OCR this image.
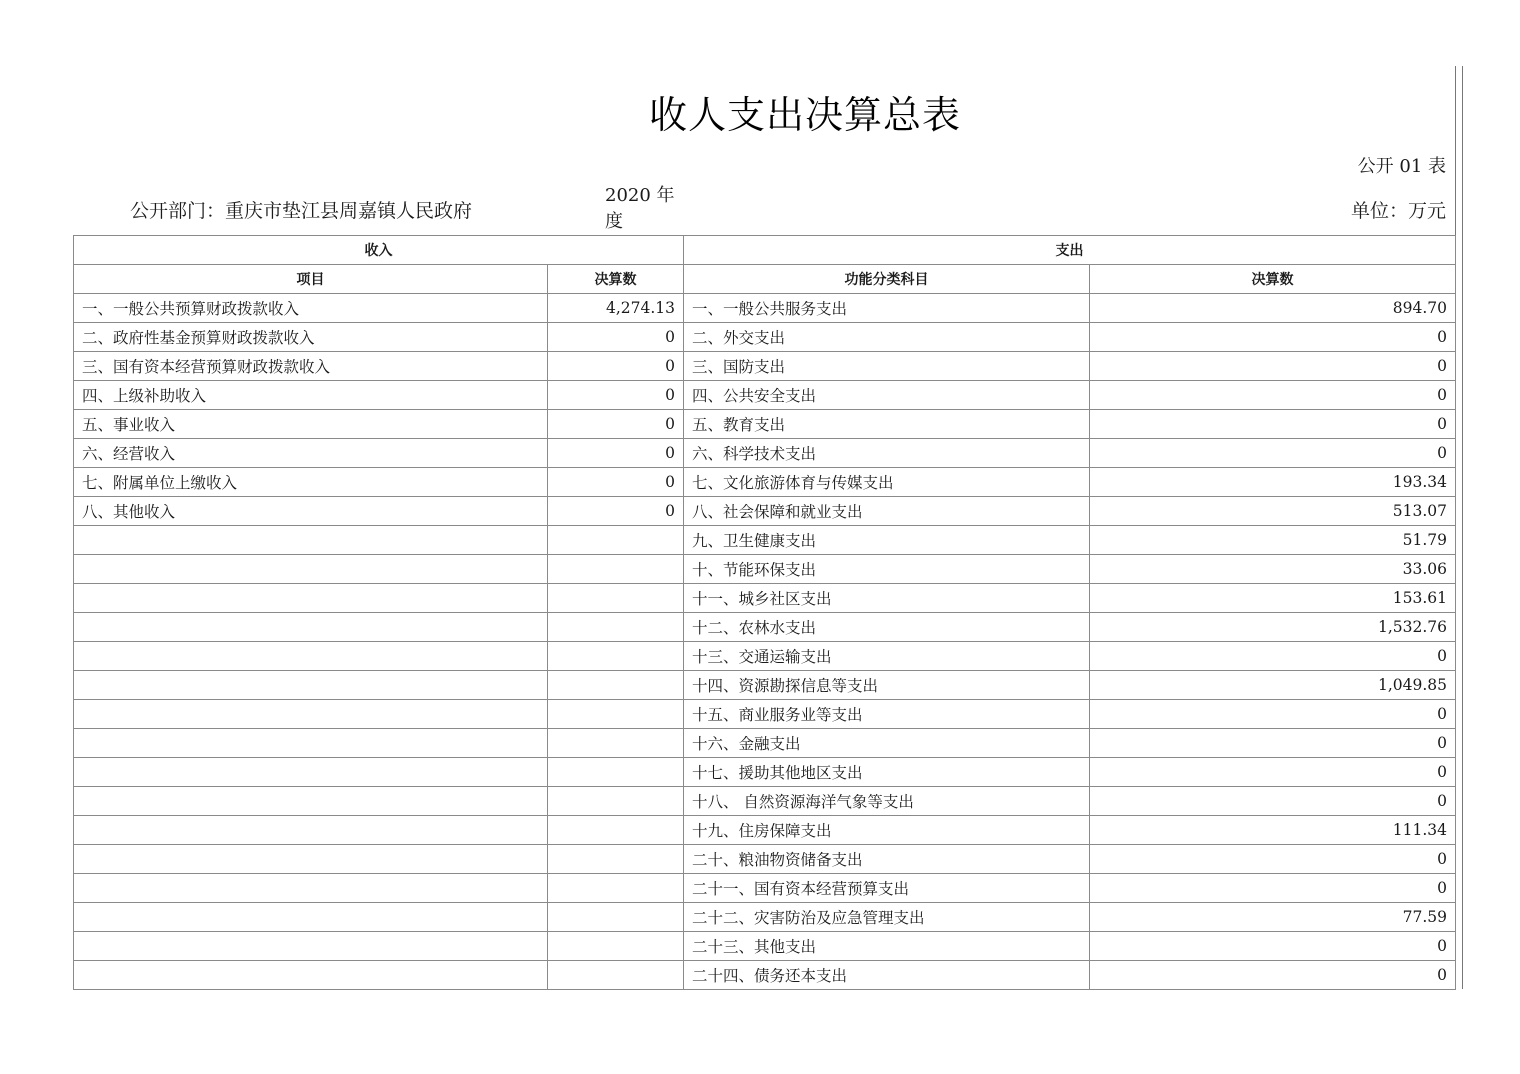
收人支出决算总表
公开 01 表
公开部门：重庆市垫江县周嘉镇人民政府
2020 年度	单位：万元
收入		支出		
项目	决算数	功能分类科目	决算数	
一、一般公共预算财政拨款收入	4,274.13	一、一般公共服务支出	894.70	
二、政府性基金预算财政拨款收入	0	二、外交支出	0	
三、国有资本经营预算财政拨款收入	0	三、国防支出	0	
四、上级补助收入	0	四、公共安全支出	0	
五、事业收入	0	五、教育支出	0	
六、经营收入	0	六、科学技术支出	0	
七、附属单位上缴收入	0	七、文化旅游体育与传媒支出	193.34	
八、其他收入	0	八、社会保障和就业支出	513.07	
		九、卫生健康支出	51.79	
		十、节能环保支出	33.06	
		十一、城乡社区支出	153.61	
		十二、农林水支出	1,532.76	
		十三、交通运输支出	0	
		十四、资源勘探信息等支出	1,049.85	
		十五、商业服务业等支出	0	
		十六、金融支出	0	
		十七、援助其他地区支出	0	
		十八、 自然资源海洋气象等支出	0	
		十九、住房保障支出	111.34	
		二十、粮油物资储备支出	0	
		二十一、国有资本经营预算支出	0	
		二十二、灾害防治及应急管理支出	77.59	
		二十三、其他支出	0	
		二十四、债务还本支出	0	
